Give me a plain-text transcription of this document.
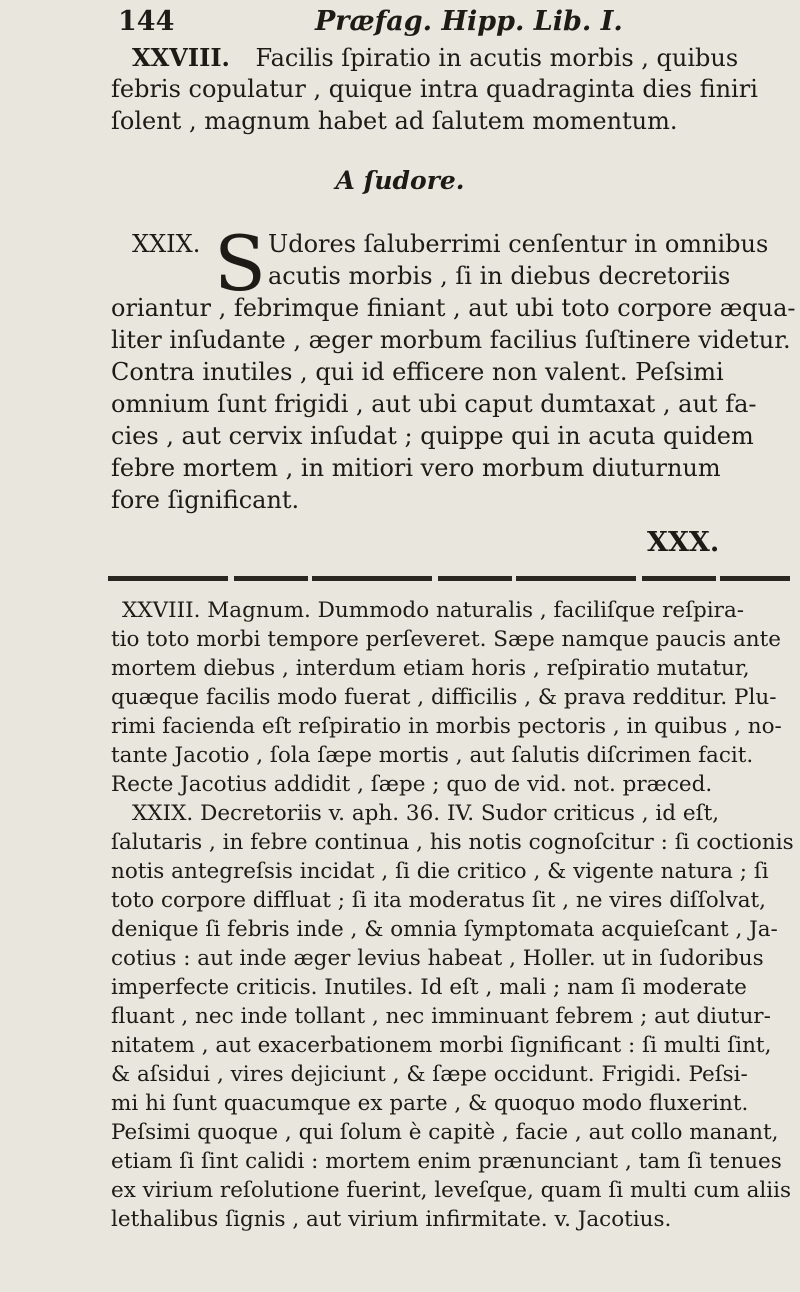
144	Præfag. Hipp. Lib. I.
XXVIII. Facilis ſpiratio in acutis morbis , quibus
febris copulatur , quique intra quadraginta dies finiri
ſolent , magnum habet ad ſalutem momentum.
A ſudore.
XXIX. S Udores ſaluberrimi cenſentur in omnibus
acutis morbis , ſi in diebus decretoriis
oriantur , febrimque finiant , aut ubi toto corpore æqua-
liter inſudante , æger morbum facilius ſuſtinere videtur.
Contra inutiles , qui id efficere non valent. Peſsimi
omnium ſunt frigidi , aut ubi caput dumtaxat , aut fa-
cies , aut cervix inſudat ; quippe qui in acuta quidem
febre mortem , in mitiori vero morbum diuturnum
fore ſignificant.
XXX.
XXVIII. Magnum. Dummodo naturalis , faciliſque reſpira-
tio toto morbi tempore perſeveret. Sæpe namque paucis ante
mortem diebus , interdum etiam horis , reſpiratio mutatur,
quæque facilis modo fuerat , difficilis , & prava redditur. Plu-
rimi facienda eſt reſpiratio in morbis pectoris , in quibus , no-
tante Jacotio , ſola ſæpe mortis , aut ſalutis diſcrimen facit.
Recte Jacotius addidit , ſæpe ; quo de vid. not. præced.
XXIX. Decretoriis v. aph. 36. IV. Sudor criticus , id eſt,
ſalutaris , in febre continua , his notis cognoſcitur : ſi coctionis
notis antegreſsis incidat , ſi die critico , & vigente natura ; ſi
toto corpore diffluat ; ſi ita moderatus ſit , ne vires diſſolvat,
denique ſi febris inde , & omnia ſymptomata acquieſcant , Ja-
cotius : aut inde æger levius habeat , Holler. ut in ſudoribus
imperfecte criticis. Inutiles. Id eſt , mali ; nam ſi moderate
fluant , nec inde tollant , nec imminuant febrem ; aut diutur-
nitatem , aut exacerbationem morbi ſignificant : ſi multi ſint,
& aſsidui , vires dejiciunt , & ſæpe occidunt. Frigidi. Peſsi-
mi hi ſunt quacumque ex parte , & quoquo modo fluxerint.
Peſsimi quoque , qui ſolum è capitè , facie , aut collo manant,
etiam ſi ſint calidi : mortem enim prænunciant , tam ſi tenues
ex virium reſolutione fuerint, leveſque, quam ſi multi cum aliis
lethalibus ſignis , aut virium infirmitate. v. Jacotius.
